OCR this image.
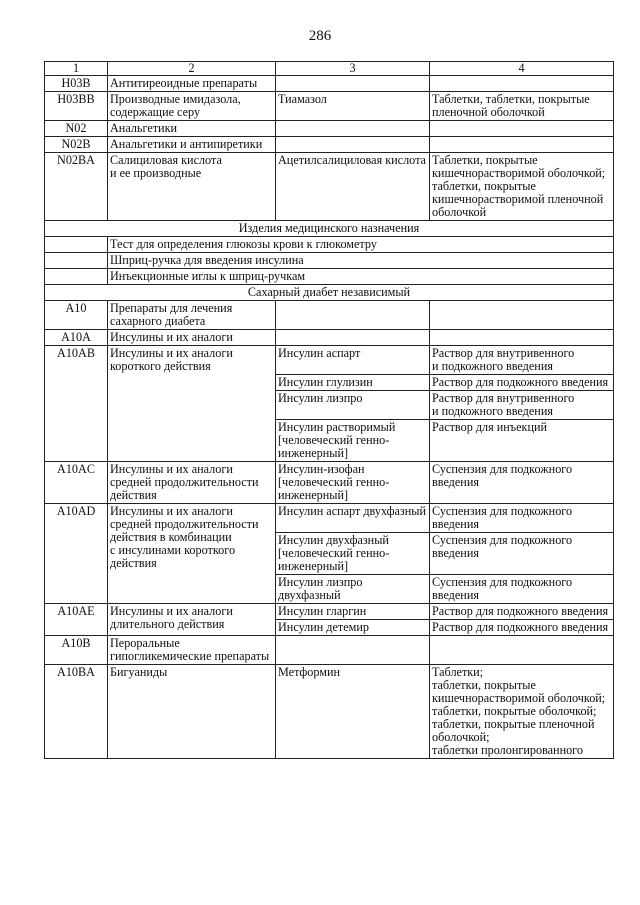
286
1	2	3	4
H03B	Антитиреоидные препараты		
H03BB	Производные имидазола, содержащие серу	Тиамазол	Таблетки, таблетки, покрытые пленочной оболочкой
N02	Анальгетики		
N02B	Анальгетики и антипиретики		
N02BA	Салициловая кислота
и ее производные	Ацетилсалициловая кислота	Таблетки, покрытые кишечнорастворимой оболочкой;
таблетки, покрытые кишечнорастворимой пленочной оболочкой
Изделия медицинского назначения			
	Тест для определения глюкозы крови к глюкометру		
	Шприц-ручка для введения инсулина		
	Инъекционные иглы к шприц-ручкам		
Сахарный диабет независимый			
A10	Препараты для лечения сахарного диабета		
A10A	Инсулины и их аналоги		
A10AB	Инсулины и их аналоги короткого действия	Инсулин аспарт	Раствор для внутривенного
и подкожного введения
		Инсулин глулизин	Раствор для подкожного введения
		Инсулин лизпро	Раствор для внутривенного
и подкожного введения
		Инсулин растворимый [человеческий генно-инженерный]	Раствор для инъекций
A10AC	Инсулины и их аналоги средней продолжительности действия	Инсулин-изофан [человеческий генно-инженерный]	Суспензия для подкожного введения
A10AD	Инсулины и их аналоги средней продолжительности действия в комбинации
с инсулинами короткого действия	Инсулин аспарт двухфазный	Суспензия для подкожного введения
		Инсулин двухфазный [человеческий генно-инженерный]	Суспензия для подкожного введения
		Инсулин лизпро двухфазный	Суспензия для подкожного введения
A10AE	Инсулины и их аналоги длительного действия	Инсулин гларгин	Раствор для подкожного введения
		Инсулин детемир	Раствор для подкожного введения
A10B	Пероральные гипогликемические препараты		
A10BA	Бигуаниды	Метформин	Таблетки;
таблетки, покрытые кишечнорастворимой оболочкой;
таблетки, покрытые оболочкой;
таблетки, покрытые пленочной оболочкой;
таблетки пролонгированного
